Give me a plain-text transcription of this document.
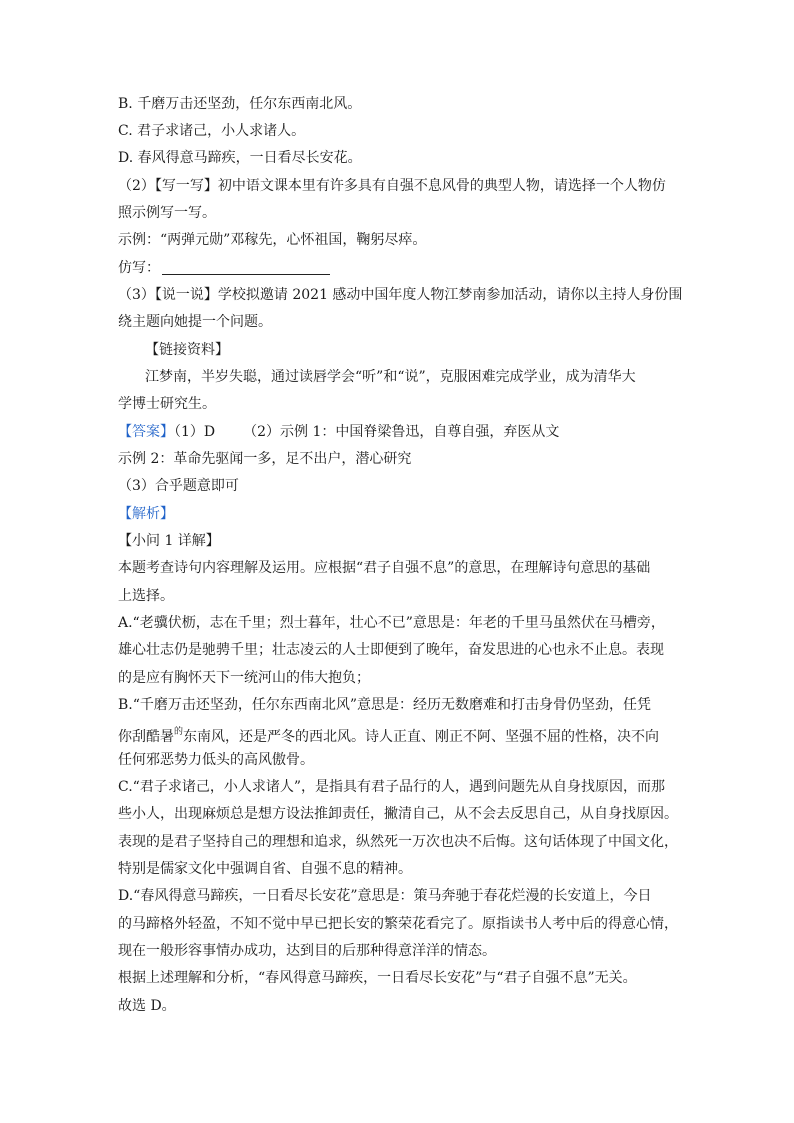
B. 千磨万击还坚劲，任尔东西南北风。
C. 君子求诸己，小人求诸人。
D. 春风得意马蹄疾，一日看尽长安花。
（2）【写一写】初中语文课本里有许多具有自强不息风骨的典型人物，请选择一个人物仿
照示例写一写。
示例：“两弹元勋”邓稼先，心怀祖国，鞠躬尽瘁。
仿写：
（3）【说一说】学校拟邀请 2021 感动中国年度人物江梦南参加活动，请你以主持人身份围
绕主题向她提一个问题。
【链接资料】
江梦南，半岁失聪，通过读唇学会“听”和“说”，克服困难完成学业，成为清华大
学博士研究生。
【答案】（1）D （2）示例 1：中国脊梁鲁迅，自尊自强，弃医从文
示例 2：革命先驱闻一多，足不出户，潜心研究
（3）合乎题意即可
【解析】
【小问 1 详解】
本题考查诗句内容理解及运用。应根据“君子自强不息”的意思，在理解诗句意思的基础
上选择。
A.“老骥伏枥，志在千里；烈士暮年，壮心不已”意思是：年老的千里马虽然伏在马槽旁，
雄心壮志仍是驰骋千里；壮志凌云的人士即便到了晚年，奋发思进的心也永不止息。表现
的是应有胸怀天下一统河山的伟大抱负；
B.“千磨万击还坚劲，任尔东西南北风”意思是：经历无数磨难和打击身骨仍坚劲，任凭
你刮酷暑$^的$东南风，还是严冬的西北风。诗人正直、刚正不阿、坚强不屈的性格，决不向
任何邪恶势力低头的高风傲骨。
C.“君子求诸己，小人求诸人”，是指具有君子品行的人，遇到问题先从自身找原因，而那
些小人，出现麻烦总是想方设法推卸责任，撇清自己，从不会去反思自己，从自身找原因。
表现的是君子坚持自己的理想和追求，纵然死一万次也决不后悔。这句话体现了中国文化，
特别是儒家文化中强调自省、自强不息的精神。
D.“春风得意马蹄疾，一日看尽长安花”意思是：策马奔驰于春花烂漫的长安道上，今日
的马蹄格外轻盈，不知不觉中早已把长安的繁荣花看完了。原指读书人考中后的得意心情，
现在一般形容事情办成功，达到目的后那种得意洋洋的情态。
根据上述理解和分析，“春风得意马蹄疾，一日看尽长安花”与“君子自强不息”无关。
故选 D。
